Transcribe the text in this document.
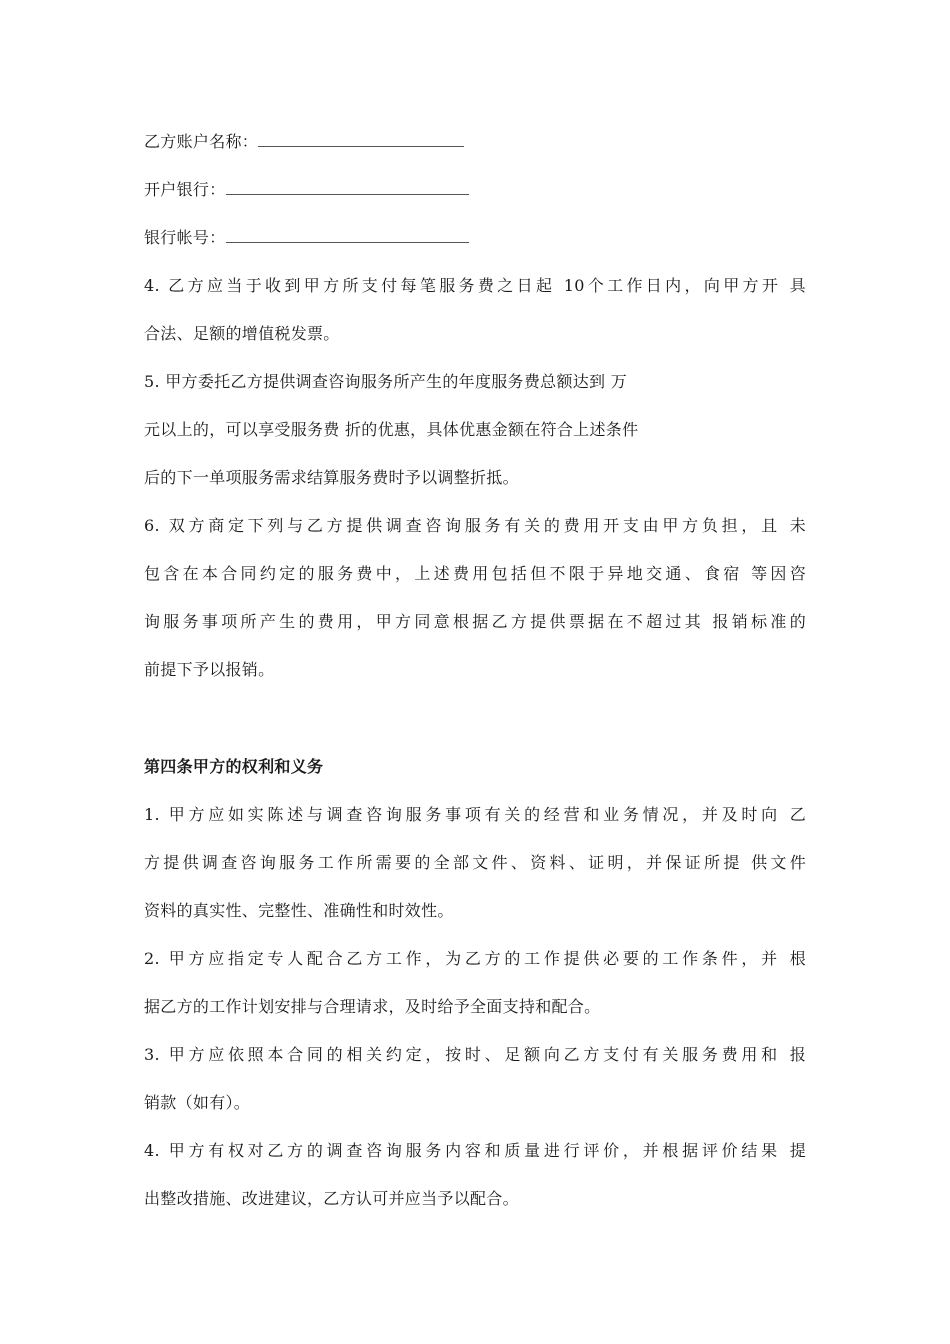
乙方账户名称：
开户银行：
银行帐号：
4. 乙方应当于收到甲方所支付每笔服务费之日起 10个工作日内，向甲方开 具
合法、足额的增值税发票。
5. 甲方委托乙方提供调查咨询服务所产生的年度服务费总额达到 万
元以上的，可以享受服务费 折的优惠，具体优惠金额在符合上述条件
后的下一单项服务需求结算服务费时予以调整折抵。
6. 双方商定下列与乙方提供调查咨询服务有关的费用开支由甲方负担，且 未
包含在本合同约定的服务费中，上述费用包括但不限于异地交通、食宿 等因咨
询服务事项所产生的费用，甲方同意根据乙方提供票据在不超过其 报销标准的
前提下予以报销。
第四条甲方的权利和义务
1. 甲方应如实陈述与调查咨询服务事项有关的经营和业务情况，并及时向 乙
方提供调查咨询服务工作所需要的全部文件、资料、证明，并保证所提 供文件
资料的真实性、完整性、准确性和时效性。
2. 甲方应指定专人配合乙方工作，为乙方的工作提供必要的工作条件，并 根
据乙方的工作计划安排与合理请求，及时给予全面支持和配合。
3. 甲方应依照本合同的相关约定，按时、足额向乙方支付有关服务费用和 报
销款（如有）。
4. 甲方有权对乙方的调查咨询服务内容和质量进行评价，并根据评价结果 提
出整改措施、改进建议，乙方认可并应当予以配合。
